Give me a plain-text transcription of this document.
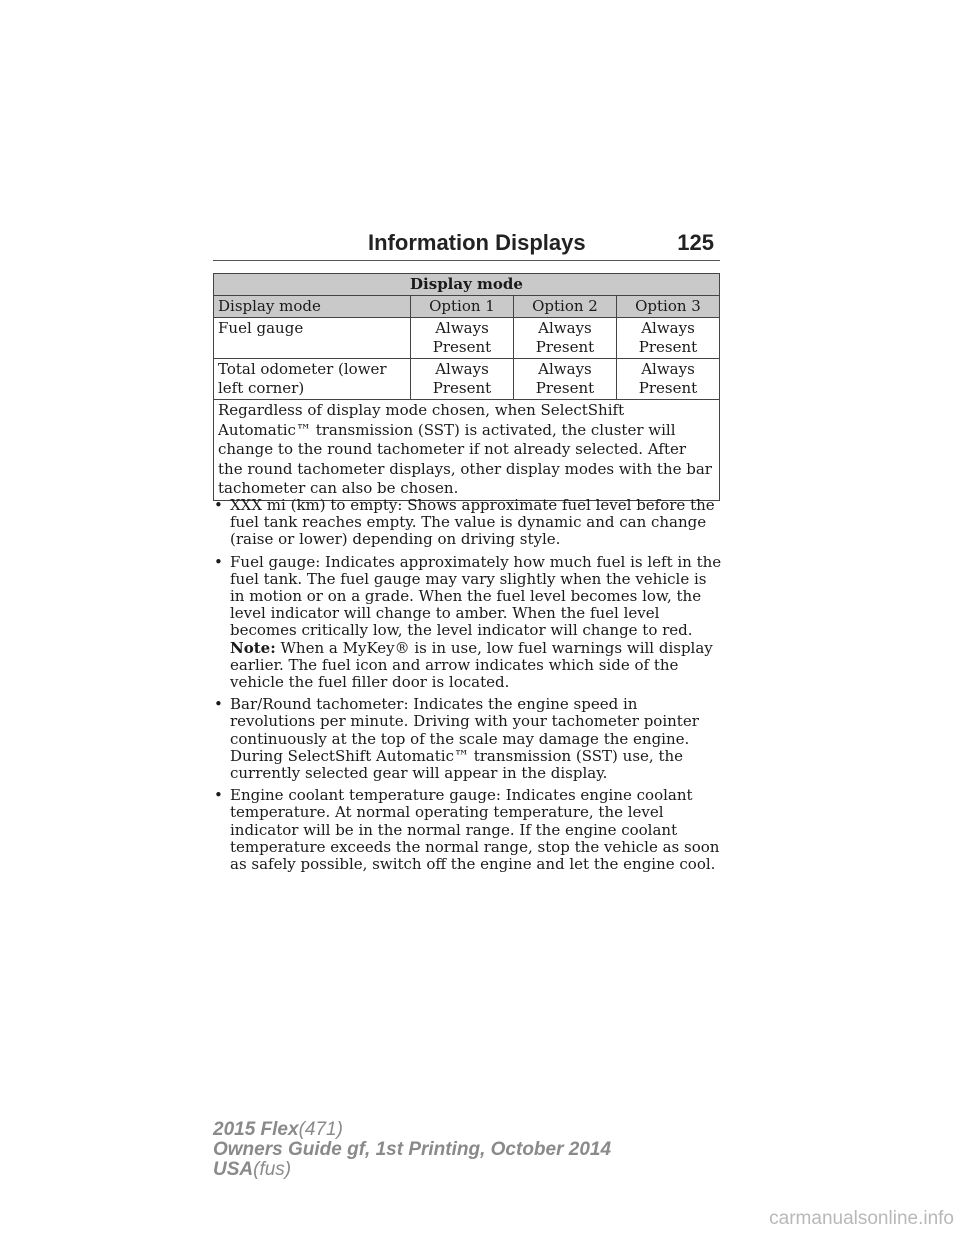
Information Displays	125
Display mode			
Display mode	Option 1	Option 2	Option 3
Fuel gauge	Always Present	Always Present	Always Present
Total odometer (lower left corner)	Always Present	Always Present	Always Present
Regardless of display mode chosen, when SelectShift Automatic™ transmission (SST) is activated, the cluster will change to the round tachometer if not already selected. After the round tachometer displays, other display modes with the bar tachometer can also be chosen.			
• XXX mi (km) to empty: Shows approximate fuel level before the fuel tank reaches empty. The value is dynamic and can change (raise or lower) depending on driving style.

• Fuel gauge: Indicates approximately how much fuel is left in the fuel tank. The fuel gauge may vary slightly when the vehicle is in motion or on a grade. When the fuel level becomes low, the level indicator will change to amber. When the fuel level becomes critically low, the level indicator will change to red.

Note: When a MyKey® is in use, low fuel warnings will display earlier. The fuel icon and arrow indicates which side of the vehicle the fuel filler door is located.

• Bar/Round tachometer: Indicates the engine speed in revolutions per minute. Driving with your tachometer pointer continuously at the top of the scale may damage the engine. During SelectShift Automatic™ transmission (SST) use, the currently selected gear will appear in the display.

• Engine coolant temperature gauge: Indicates engine coolant temperature. At normal operating temperature, the level indicator will be in the normal range. If the engine coolant temperature exceeds the normal range, stop the vehicle as soon as safely possible, switch off the engine and let the engine cool.

2015 Flex(471)
Owners Guide gf, 1st Printing, October 2014
USA(fus)
carmanualsonline.info
